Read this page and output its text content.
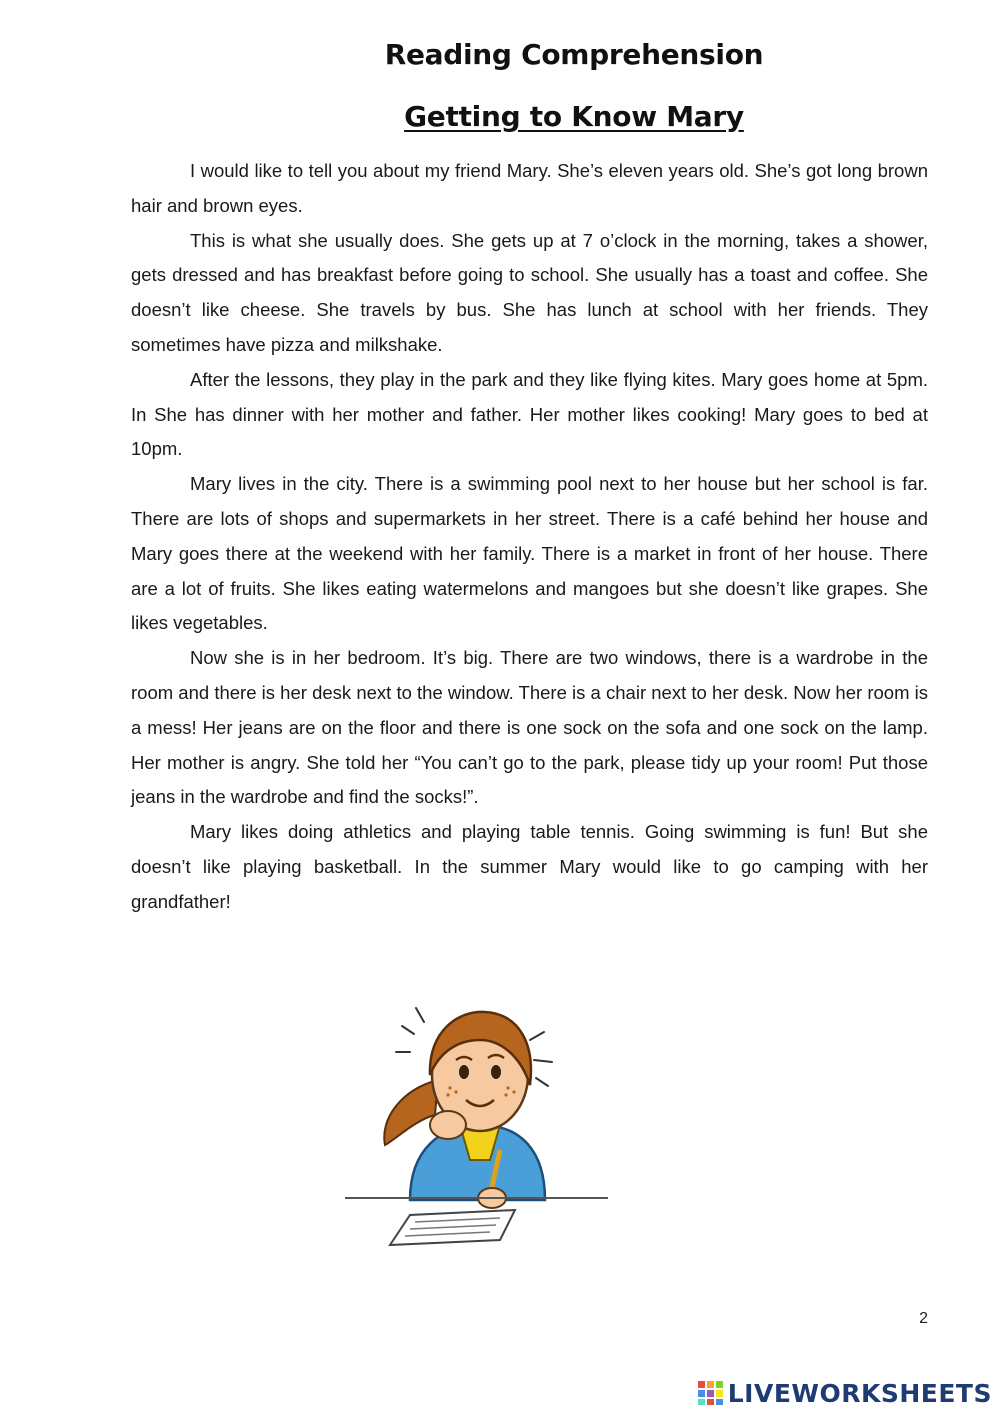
Reading Comprehension
Getting to Know Mary

I would like to tell you about my friend Mary. She’s eleven years old. She’s got long brown hair and brown eyes.

This is what she usually does. She gets up at 7 o’clock in the morning, takes a shower, gets dressed and has breakfast before going to school. She usually has a toast and coffee. She doesn’t like cheese. She travels by bus. She has lunch at school with her friends. They sometimes have pizza and milkshake.

After the lessons, they play in the park and they like flying kites. Mary goes home at 5pm. In She has dinner with her mother and father. Her mother likes cooking! Mary goes to bed at 10pm.

Mary lives in the city. There is a swimming pool next to her house but her school is far. There are lots of shops and supermarkets in her street. There is a café behind her house and Mary goes there at the weekend with her family. There is a market in front of her house. There are a lot of fruits. She likes eating watermelons and mangoes but she doesn’t like grapes. She likes vegetables.

Now she is in her bedroom. It’s big. There are two windows, there is a wardrobe in the room and there is her desk next to the window. There is a chair next to her desk. Now her room is a mess! Her jeans are on the floor and there is one sock on the sofa and one sock on the lamp. Her mother is angry. She told her “You can’t go to the park, please tidy up your room! Put those jeans in the wardrobe and find the socks!”.

Mary likes doing athletics and playing table tennis. Going swimming is fun! But she doesn’t like playing basketball. In the summer Mary would like to go camping with her grandfather!

2
LIVEWORKSHEETS
